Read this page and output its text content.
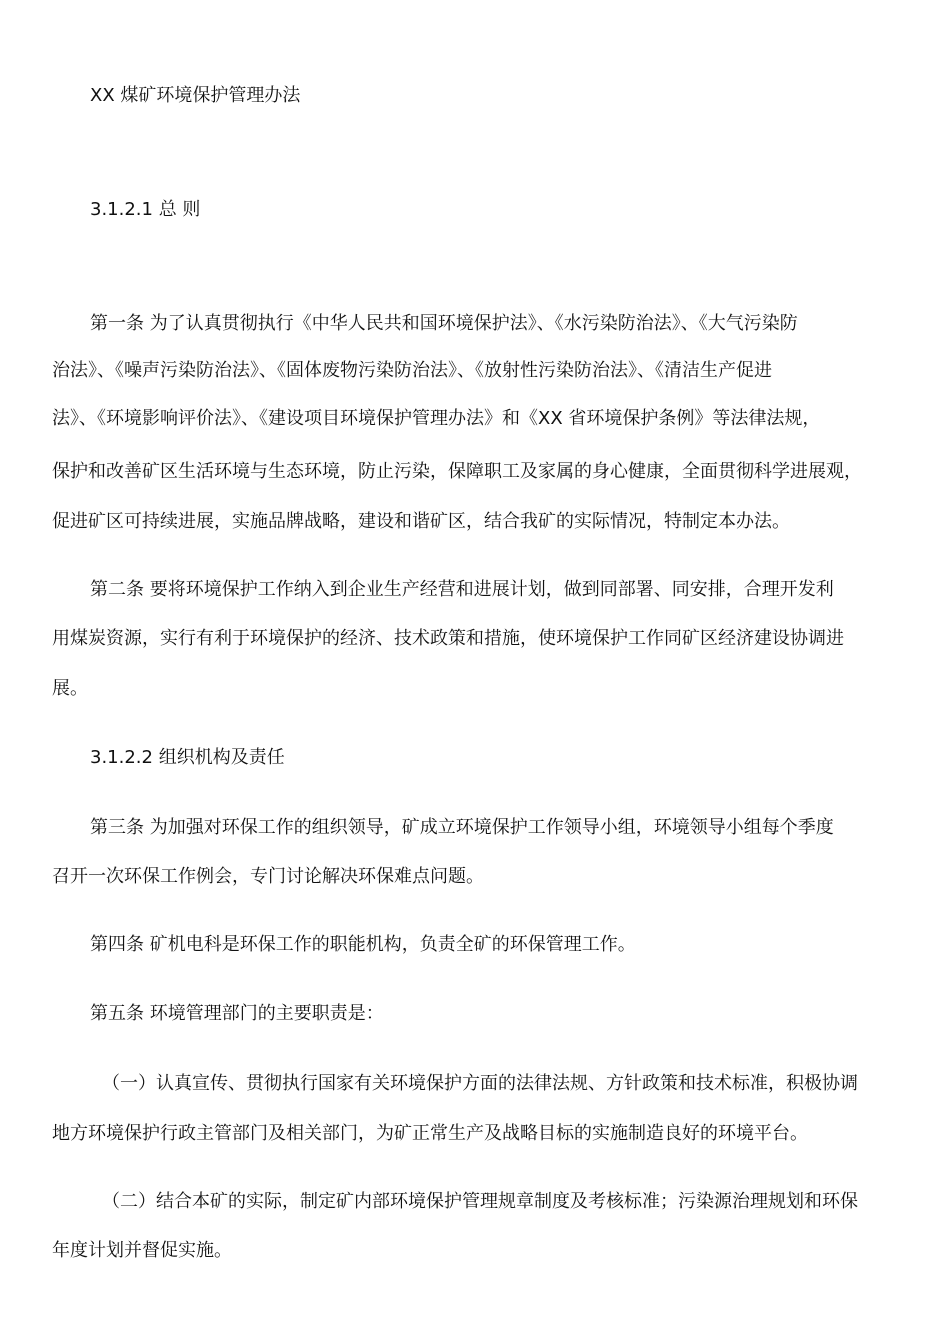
XX 煤矿环境保护管理办法
3.1.2.1 总 则
第一条 为了认真贯彻执行《中华人民共和国环境保护法》、《水污染防治法》、《大气污染防
治法》、《噪声污染防治法》、《固体废物污染防治法》、《放射性污染防治法》、《清洁生产促进
法》、《环境影响评价法》、《建设项目环境保护管理办法》和《XX 省环境保护条例》等法律法规，
保护和改善矿区生活环境与生态环境，防止污染，保障职工及家属的身心健康，全面贯彻科学进展观，
促进矿区可持续进展，实施品牌战略，建设和谐矿区，结合我矿的实际情况，特制定本办法。
第二条 要将环境保护工作纳入到企业生产经营和进展计划，做到同部署、同安排，合理开发利
用煤炭资源，实行有利于环境保护的经济、技术政策和措施，使环境保护工作同矿区经济建设协调进
展。
3.1.2.2 组织机构及责任
第三条 为加强对环保工作的组织领导，矿成立环境保护工作领导小组，环境领导小组每个季度
召开一次环保工作例会，专门讨论解决环保难点问题。
第四条 矿机电科是环保工作的职能机构，负责全矿的环保管理工作。
第五条 环境管理部门的主要职责是：
（一）认真宣传、贯彻执行国家有关环境保护方面的法律法规、方针政策和技术标准，积极协调
地方环境保护行政主管部门及相关部门，为矿正常生产及战略目标的实施制造良好的环境平台。
（二）结合本矿的实际，制定矿内部环境保护管理规章制度及考核标准；污染源治理规划和环保
年度计划并督促实施。
